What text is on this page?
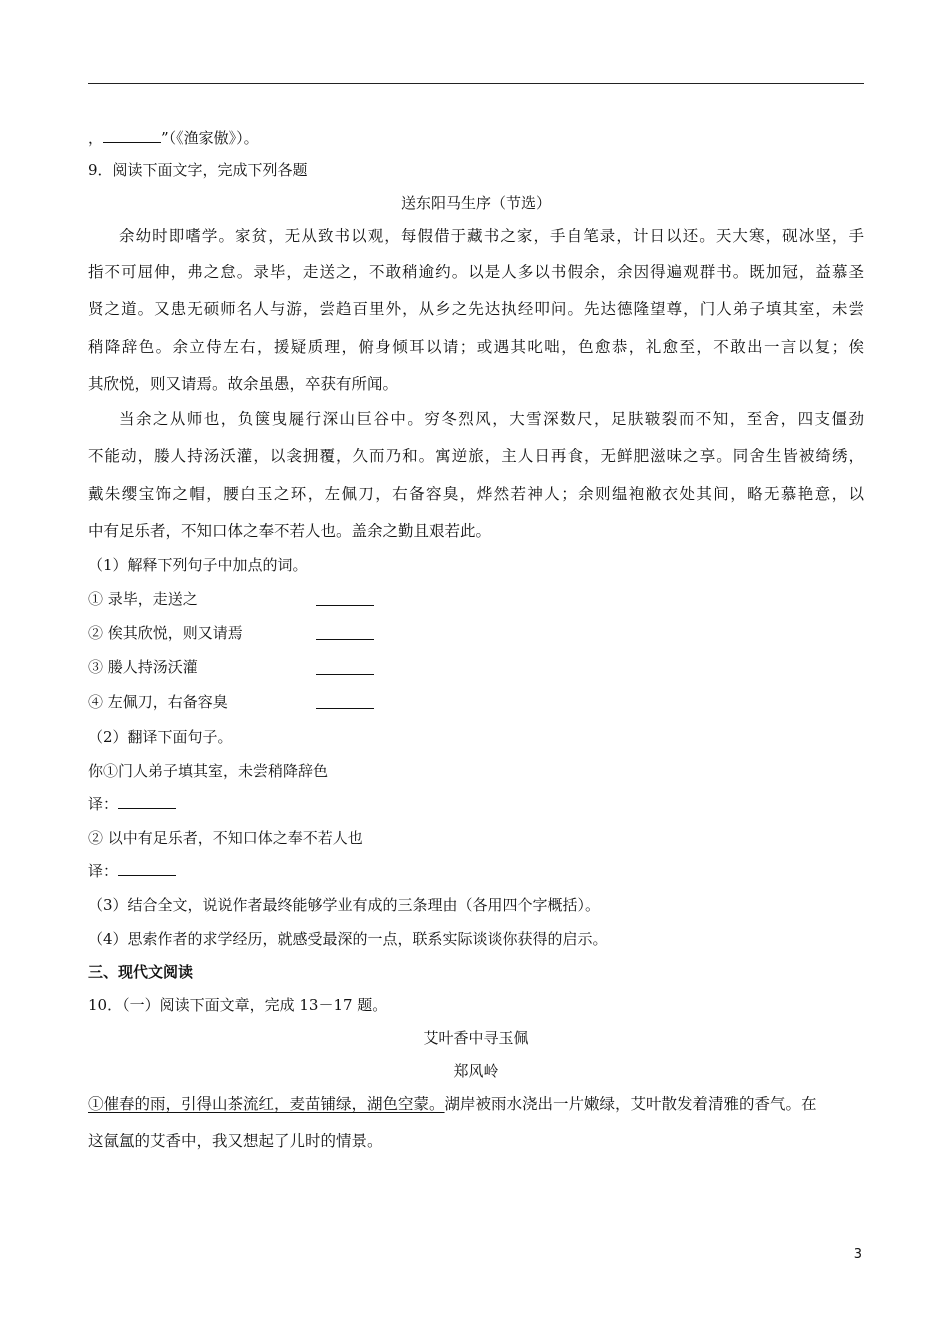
，	”（《渔家傲》）。
9．阅读下面文字，完成下列各题
送东阳马生序（节选）
余幼时即嗜学。家贫，无从致书以观，每假借于藏书之家，手自笔录，计日以还。天大寒，砚冰坚，手
指不可屈伸，弗之怠。录毕，走送之，不敢稍逾约。以是人多以书假余，余因得遍观群书。既加冠，益慕圣
贤之道。又患无硕师名人与游，尝趋百里外，从乡之先达执经叩问。先达德隆望尊，门人弟子填其室，未尝
稍降辞色。余立侍左右，援疑质理，俯身倾耳以请；或遇其叱咄，色愈恭，礼愈至，不敢出一言以复；俟
其欣悦，则又请焉。故余虽愚，卒获有所闻。
当余之从师也，负箧曳屣行深山巨谷中。穷冬烈风，大雪深数尺，足肤皲裂而不知，至舍，四支僵劲
不能动，媵人持汤沃灌，以衾拥覆，久而乃和。寓逆旅，主人日再食，无鲜肥滋味之享。同舍生皆被绮绣，
戴朱缨宝饰之帽，腰白玉之环，左佩刀，右备容臭，烨然若神人；余则缊袍敝衣处其间，略无慕艳意，以
中有足乐者，不知口体之奉不若人也。盖余之勤且艰若此。
（1）解释下列句子中加点的词。
① 录毕，走送之
② 俟其欣悦，则又请焉
③ 媵人持汤沃灌
④ 左佩刀，右备容臭
（2）翻译下面句子。
你①门人弟子填其室，未尝稍降辞色
译：
② 以中有足乐者，不知口体之奉不若人也
译：
（3）结合全文，说说作者最终能够学业有成的三条理由（各用四个字概括）。
（4）思索作者的求学经历，就感受最深的一点，联系实际谈谈你获得的启示。
三、现代文阅读
10．（一）阅读下面文章，完成 13－17 题。
艾叶香中寻玉佩
郑风岭
①催春的雨，引得山茶流红，麦苗铺绿，湖色空蒙。湖岸被雨水浇出一片嫩绿，艾叶散发着清雅的香气。在
这氤氲的艾香中，我又想起了儿时的情景。
3
